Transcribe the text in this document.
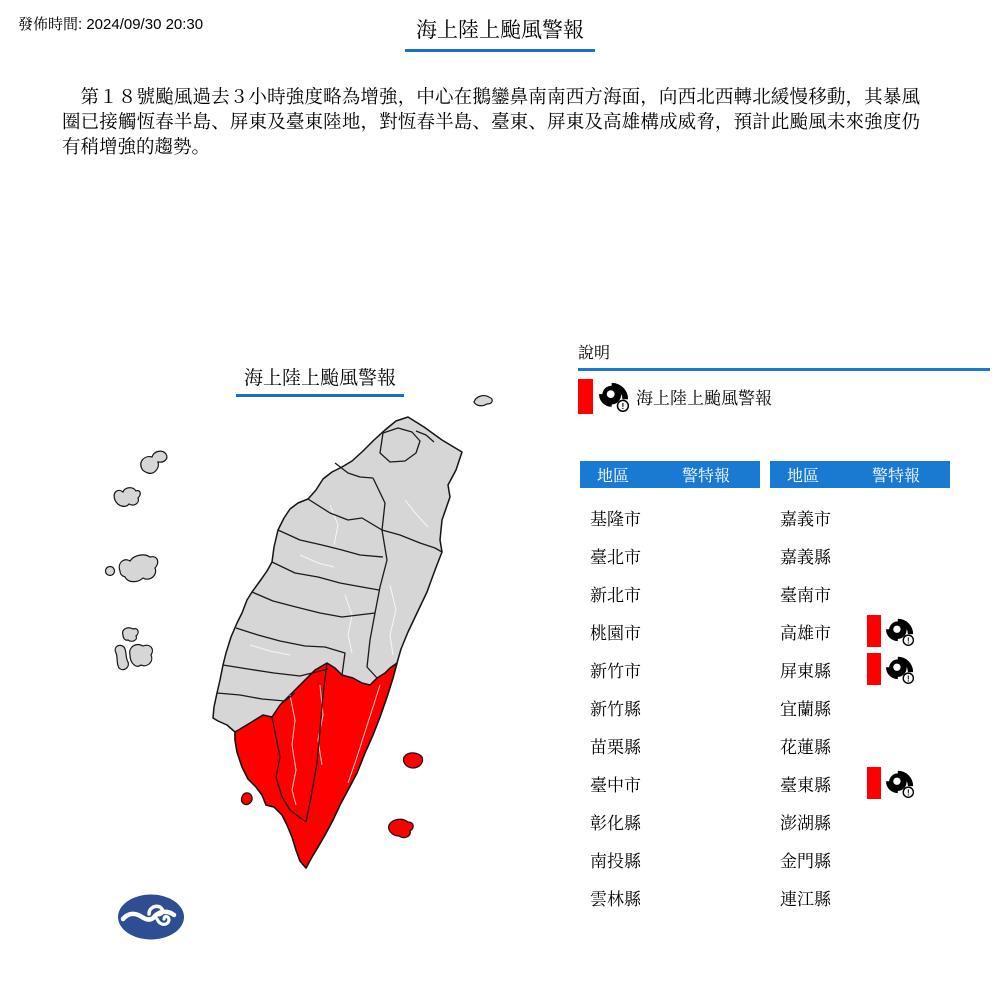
發佈時間: 2024/09/30 20:30	海上陸上颱風警報

第１８號颱風過去３小時強度略為增強，中心在鵝鑾鼻南南西方海面，向西北西轉北緩慢移動，其暴風圈已接觸恆春半島、屏東及臺東陸地，對恆春半島、臺東、屏東及高雄構成威脅，預計此颱風未來強度仍有稍增強的趨勢。

海上陸上颱風警報
說明
! 海上陸上颱風警報
地區	警特報
基隆市
臺北市
新北市
桃園市
新竹市
新竹縣
苗栗縣
臺中市
彰化縣
南投縣
雲林縣
地區	警特報
嘉義市
嘉義縣
臺南市
高雄市	!
屏東縣	!
宜蘭縣
花蓮縣
臺東縣	!
澎湖縣
金門縣
連江縣
